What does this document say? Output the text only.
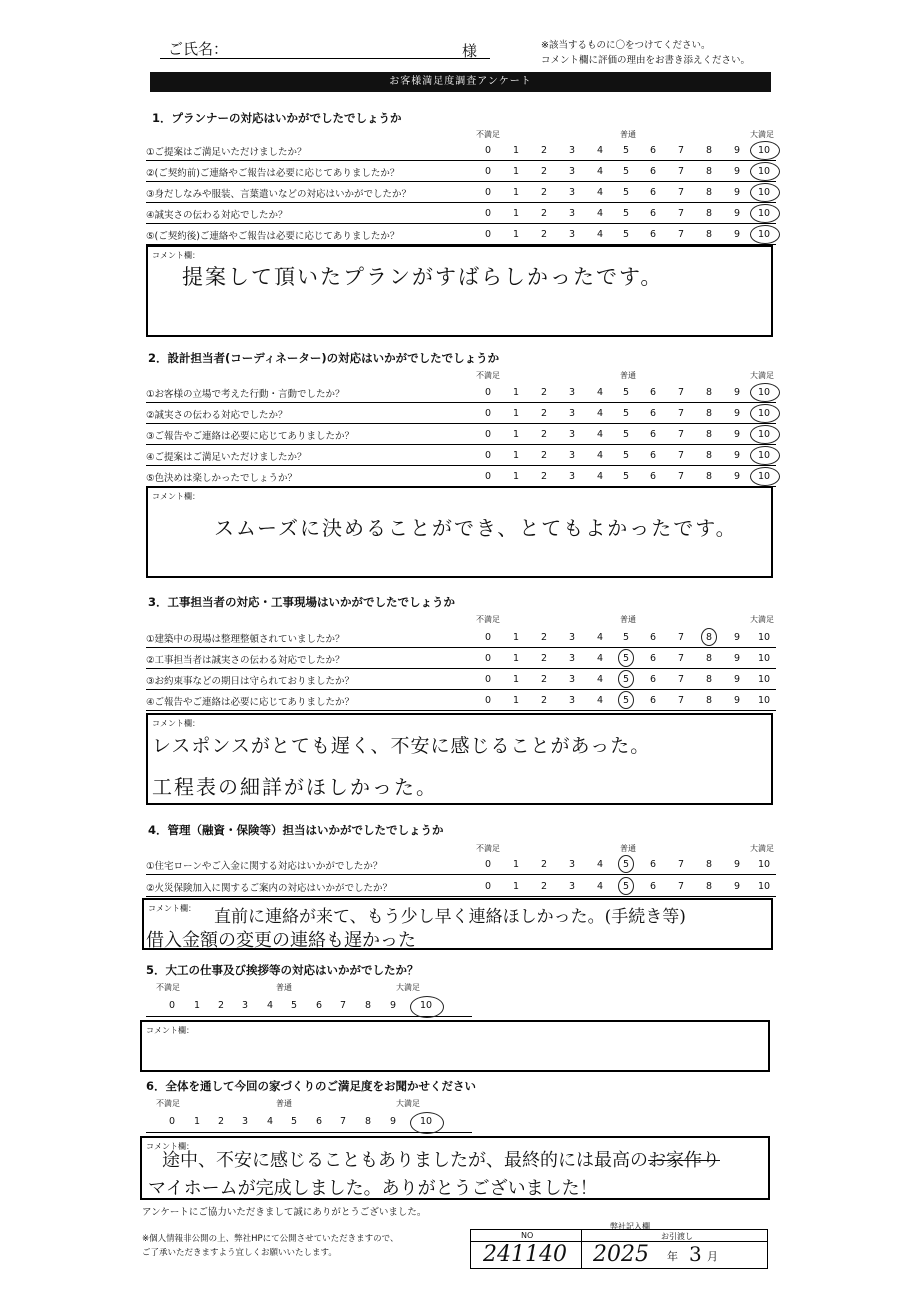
ご氏名：	様	※該当するものに〇をつけてください。
コメント欄に評価の理由をお書き添えください。
お客様満足度調査アンケート
1．プランナーの対応はいかがでしたでしょうか
不満足	普通	大満足
①ご提案はご満足いただけましたか？	0	1	2	3	4	5	6	7	8	9	10
②(ご契約前)ご連絡やご報告は必要に応じてありましたか？	0	1	2	3	4	5	6	7	8	9	10
③身だしなみや服装、言葉遣いなどの対応はいかがでしたか？	0	1	2	3	4	5	6	7	8	9	10
④誠実さの伝わる対応でしたか？	0	1	2	3	4	5	6	7	8	9	10
⑤(ご契約後)ご連絡やご報告は必要に応じてありましたか？	0	1	2	3	4	5	6	7	8	9	10
コメント欄：
提案して頂いたプランがすばらしかったです。
2．設計担当者(コーディネーター)の対応はいかがでしたでしょうか
不満足	普通	大満足
①お客様の立場で考えた行動・言動でしたか？	0	1	2	3	4	5	6	7	8	9	10
②誠実さの伝わる対応でしたか？	0	1	2	3	4	5	6	7	8	9	10
③ご報告やご連絡は必要に応じてありましたか？	0	1	2	3	4	5	6	7	8	9	10
④ご提案はご満足いただけましたか？	0	1	2	3	4	5	6	7	8	9	10
⑤色決めは楽しかったでしょうか？	0	1	2	3	4	5	6	7	8	9	10
コメント欄：
スムーズに決めることができ、とてもよかったです。
3．工事担当者の対応・工事現場はいかがでしたでしょうか
不満足	普通	大満足
①建築中の現場は整理整頓されていましたか？	0	1	2	3	4	5	6	7	8	9	10
②工事担当者は誠実さの伝わる対応でしたか？	0	1	2	3	4	5	6	7	8	9	10
③お約束事などの期日は守られておりましたか？	0	1	2	3	4	5	6	7	8	9	10
④ご報告やご連絡は必要に応じてありましたか？	0	1	2	3	4	5	6	7	8	9	10
コメント欄：
レスポンスがとても遅く、不安に感じることがあった。
工程表の細詳がほしかった。
4．管理（融資・保険等）担当はいかがでしたでしょうか
不満足	普通	大満足
①住宅ローンやご入金に関する対応はいかがでしたか？	0	1	2	3	4	5	6	7	8	9	10
②火災保険加入に関するご案内の対応はいかがでしたか？	0	1	2	3	4	5	6	7	8	9	10
コメント欄： 直前に連絡が来て、もう少し早く連絡ほしかった。(手続き等)
借入金額の変更の連絡も遅かった
5．大工の仕事及び挨拶等の対応はいかがでしたか？
不満足	普通	大満足
0	1	2	3	4	5	6	7	8	9	10
コメント欄：
6．全体を通して今回の家づくりのご満足度をお聞かせください
不満足	普通	大満足
0	1	2	3	4	5	6	7	8	9	10
コメント欄：
途中、不安に感じることもありましたが、最終的には最高のお家作り
マイホームが完成しました。ありがとうございました！
アンケートにご協力いただきまして誠にありがとうございました。
※個人情報非公開の上、弊社HPにて公開させていただきますので、
ご了承いただきますよう宜しくお願いいたします。
弊社記入欄
NO	お引渡し
241140 2025 年 3 月
